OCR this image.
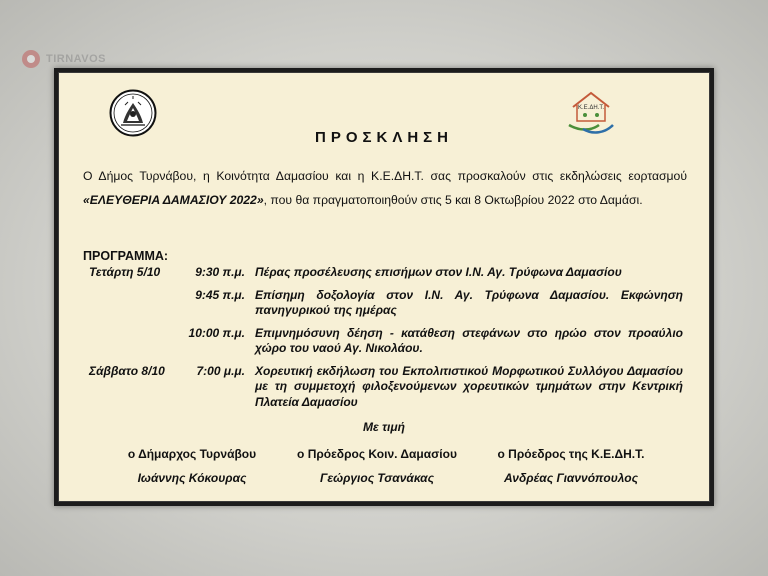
TIRNAVOS
Κ.Ε.ΔΗ.Τ.
ΠΡΟΣΚΛΗΣΗ
Ο Δήμος Τυρνάβου, η Κοινότητα Δαμασίου και η Κ.Ε.ΔΗ.Τ. σας προσκαλούν στις εκδηλώσεις εορτασμού «ΕΛΕΥΘΕΡΙΑ ΔΑΜΑΣΙΟΥ 2022», που θα πραγματοποιηθούν στις 5 και 8 Οκτωβρίου 2022 στο Δαμάσι.
ΠΡΟΓΡΑΜΜΑ:
Τετάρτη 5/10	9:30 π.μ. Πέρας προσέλευσης επισήμων στον Ι.Ν. Αγ. Τρύφωνα Δαμασίου
9:45 π.μ. Επίσημη δοξολογία στον Ι.Ν. Αγ. Τρύφωνα Δαμασίου. Εκφώνηση πανηγυρικού της ημέρας
10:00 π.μ. Επιμνημόσυνη δέηση - κατάθεση στεφάνων στο ηρώο στον προαύλιο χώρο του ναού Αγ. Νικολάου.
Σάββατο 8/10	7:00 μ.μ. Χορευτική εκδήλωση του Εκπολιτιστικού Μορφωτικού Συλλόγου Δαμασίου με τη συμμετοχή φιλοξενούμενων χορευτικών τμημάτων στην Κεντρική Πλατεία Δαμασίου
Με τιμή
ο Δήμαρχος Τυρνάβου	ο Πρόεδρος Κοιν. Δαμασίου	ο Πρόεδρος της Κ.Ε.ΔΗ.Τ.
Ιωάννης Κόκουρας	Γεώργιος Τσανάκας	Ανδρέας Γιαννόπουλος
